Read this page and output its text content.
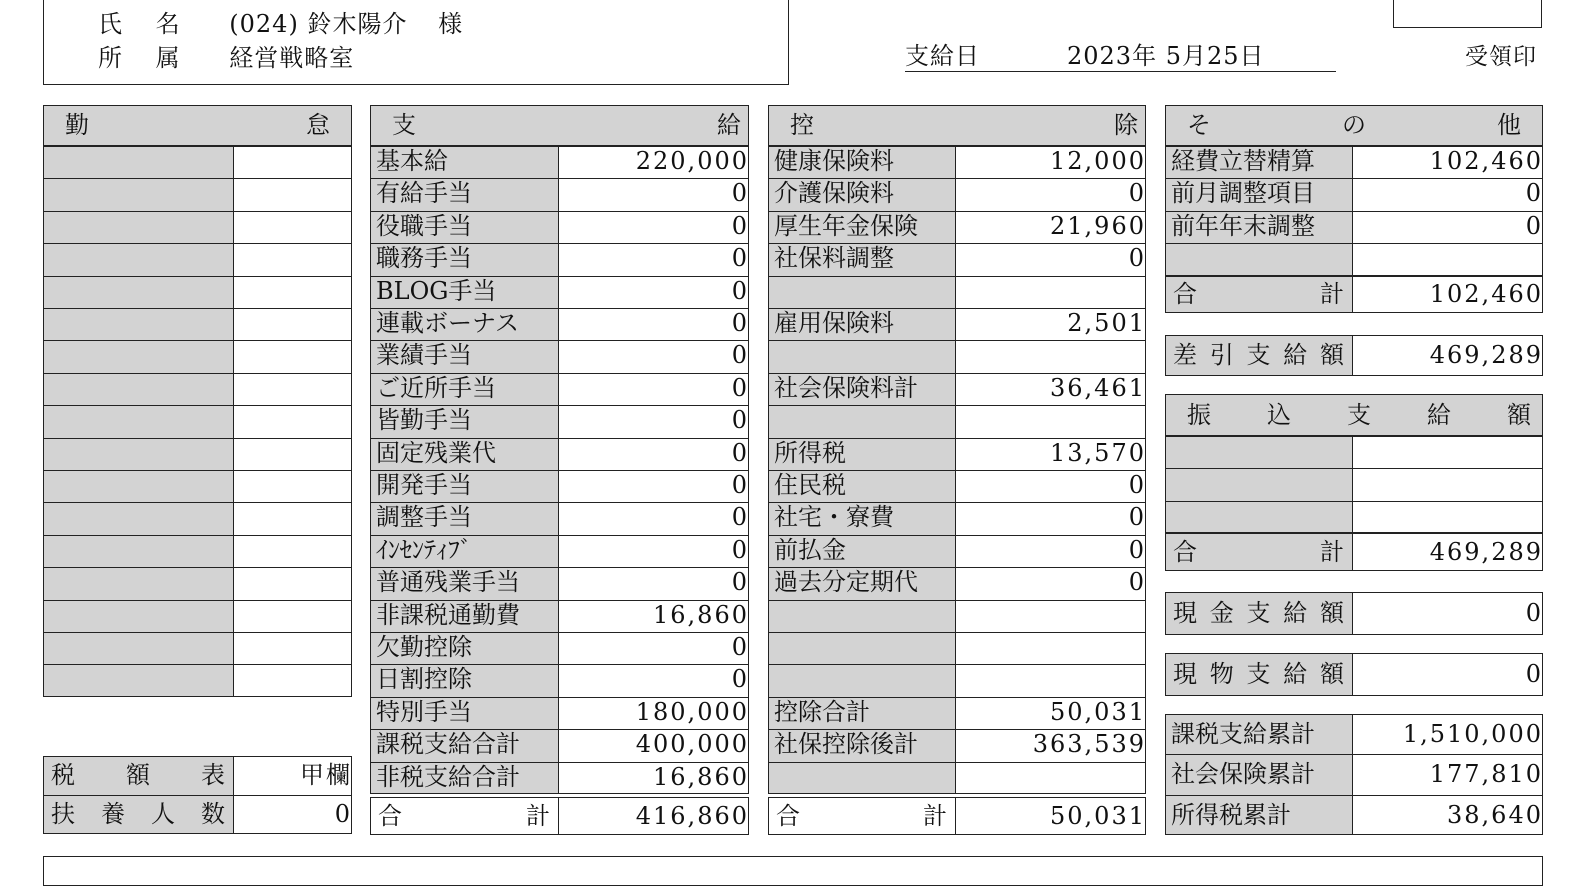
氏 名 (024) 鈴木陽介 様
所 属 経営戦略室	支給日	2023年 5月25日	受領印
勤	怠
税 額 表	甲欄
扶 養 人 数	0
支	給
基本給	220,000
有給手当	0
役職手当	0
職務手当	0
BLOG手当	0
連載ボーナス	0
業績手当	0
ご近所手当	0
皆勤手当	0
固定残業代	0
開発手当	0
調整手当	0
ｲﾝｾﾝﾃｨﾌﾞ	0
普通残業手当	0
非課税通勤費	16,860
欠勤控除	0
日割控除	0
特別手当	180,000
課税支給合計	400,000
非税支給合計	16,860
合	計	416,860
控	除
健康保険料	12,000
介護保険料	0
厚生年金保険	21,960
社保料調整	0
雇用保険料	2,501
社会保険料計	36,461
所得税	13,570
住民税	0
社宅・寮費	0
前払金	0
過去分定期代	0
控除合計	50,031
社保控除後計	363,539
合	計	50,031
そ	の	他
経費立替精算	102,460
前月調整項目	0
前年年末調整	0
合	計	102,460
差 引 支 給 額	469,289
振 込 支 給 額
合	計	469,289
現 金 支 給 額	0
現 物 支 給 額	0
課税支給累計	1,510,000
社会保険累計	177,810
所得税累計	38,640
